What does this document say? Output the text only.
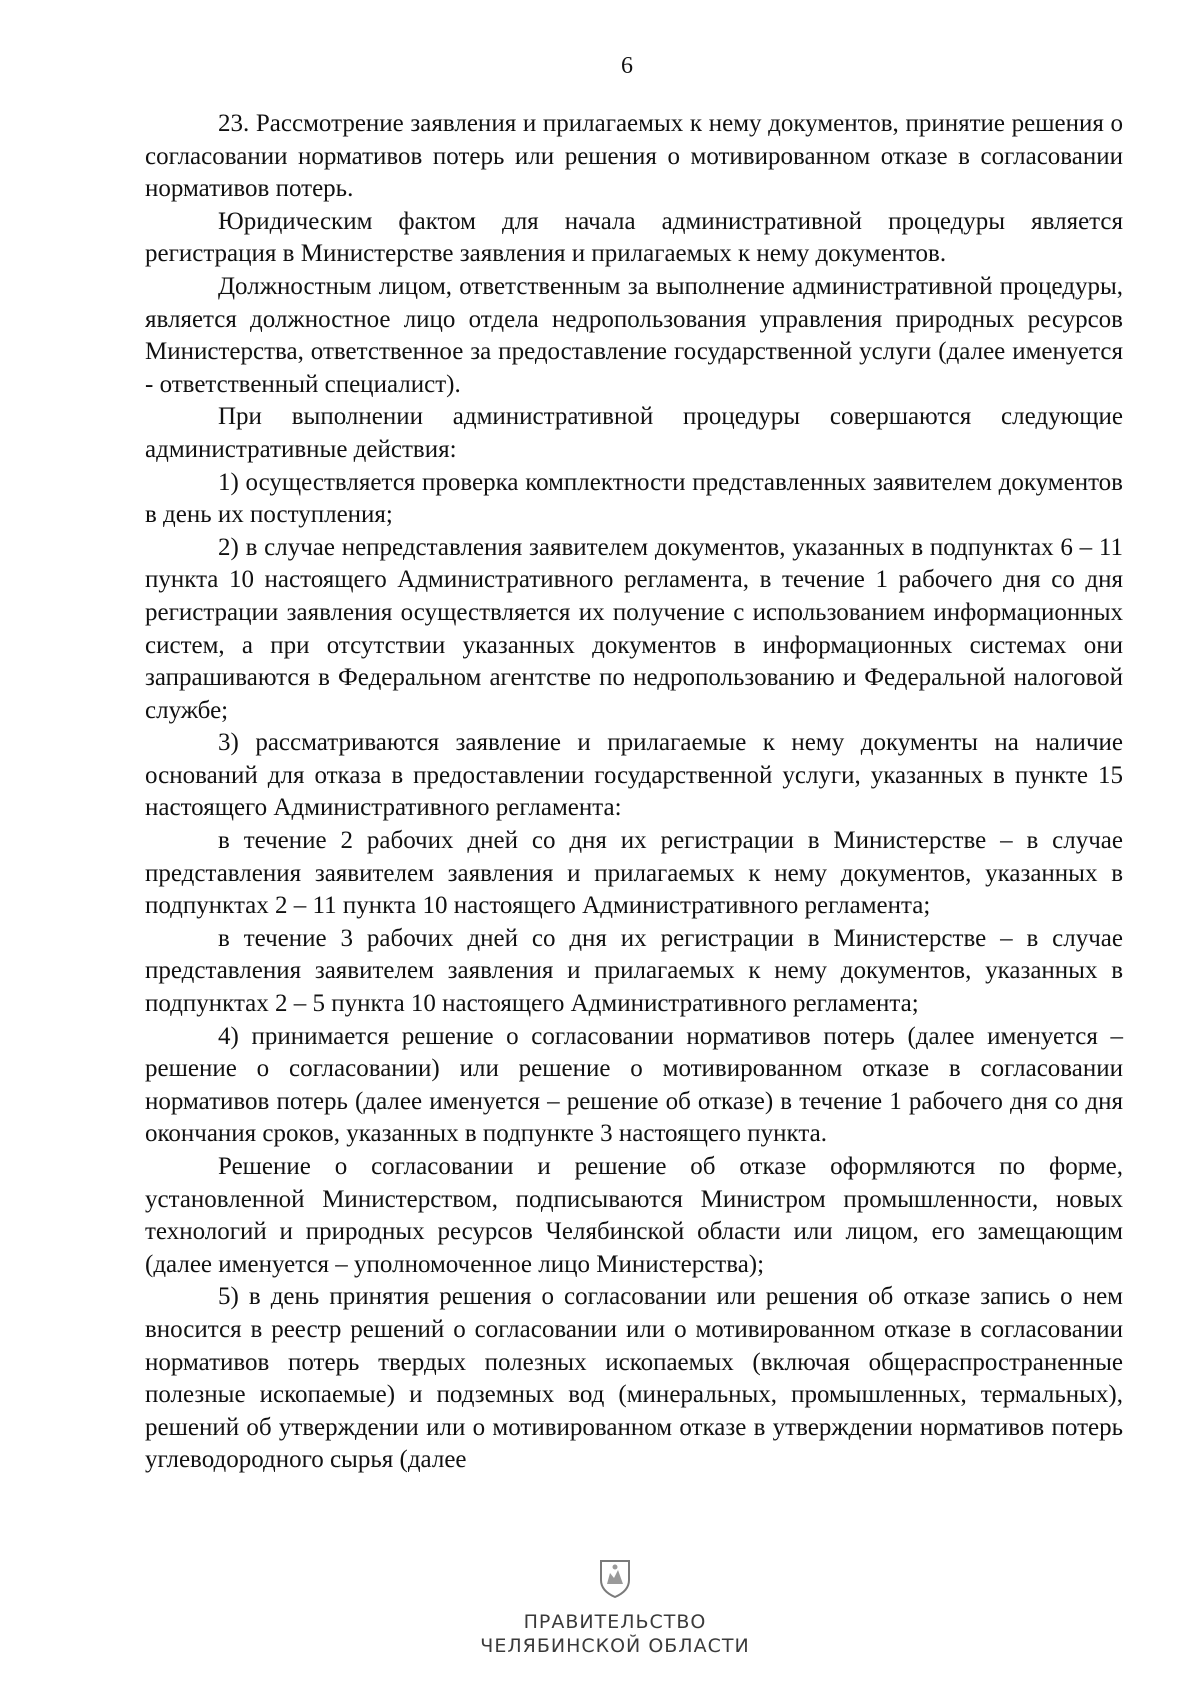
6

23. Рассмотрение заявления и прилагаемых к нему документов, принятие решения о согласовании нормативов потерь или решения о мотивированном отказе в согласовании нормативов потерь.

Юридическим фактом для начала административной процедуры является регистрация в Министерстве заявления и прилагаемых к нему документов.

Должностным лицом, ответственным за выполнение административной процедуры, является должностное лицо отдела недропользования управления природных ресурсов Министерства, ответственное за предоставление государственной услуги (далее именуется - ответственный специалист).

При выполнении административной процедуры совершаются следующие административные действия:

1) осуществляется проверка комплектности представленных заявителем документов в день их поступления;

2) в случае непредставления заявителем документов, указанных в подпунктах 6 – 11 пункта 10 настоящего Административного регламента, в течение 1 рабочего дня со дня регистрации заявления осуществляется их получение с использованием информационных систем, а при отсутствии указанных документов в информационных системах они запрашиваются в Федеральном агентстве по недропользованию и Федеральной налоговой службе;

3) рассматриваются заявление и прилагаемые к нему документы на наличие оснований для отказа в предоставлении государственной услуги, указанных в пункте 15 настоящего Административного регламента:

в течение 2 рабочих дней со дня их регистрации в Министерстве – в случае представления заявителем заявления и прилагаемых к нему документов, указанных в подпунктах 2 – 11 пункта 10 настоящего Административного регламента;

в течение 3 рабочих дней со дня их регистрации в Министерстве – в случае представления заявителем заявления и прилагаемых к нему документов, указанных в подпунктах 2 – 5 пункта 10 настоящего Административного регламента;

4) принимается решение о согласовании нормативов потерь (далее именуется – решение о согласовании) или решение о мотивированном отказе в согласовании нормативов потерь (далее именуется – решение об отказе) в течение 1 рабочего дня со дня окончания сроков, указанных в подпункте 3 настоящего пункта.

Решение о согласовании и решение об отказе оформляются по форме, установленной Министерством, подписываются Министром промышленности, новых технологий и природных ресурсов Челябинской области или лицом, его замещающим (далее именуется – уполномоченное лицо Министерства);

5) в день принятия решения о согласовании или решения об отказе запись о нем вносится в реестр решений о согласовании или о мотивированном отказе в согласовании нормативов потерь твердых полезных ископаемых (включая общераспространенные полезные ископаемые) и подземных вод (минеральных, промышленных, термальных), решений об утверждении или о мотивированном отказе в утверждении нормативов потерь углеводородного сырья (далее

ПРАВИТЕЛЬСТВО
ЧЕЛЯБИНСКОЙ ОБЛАСТИ
